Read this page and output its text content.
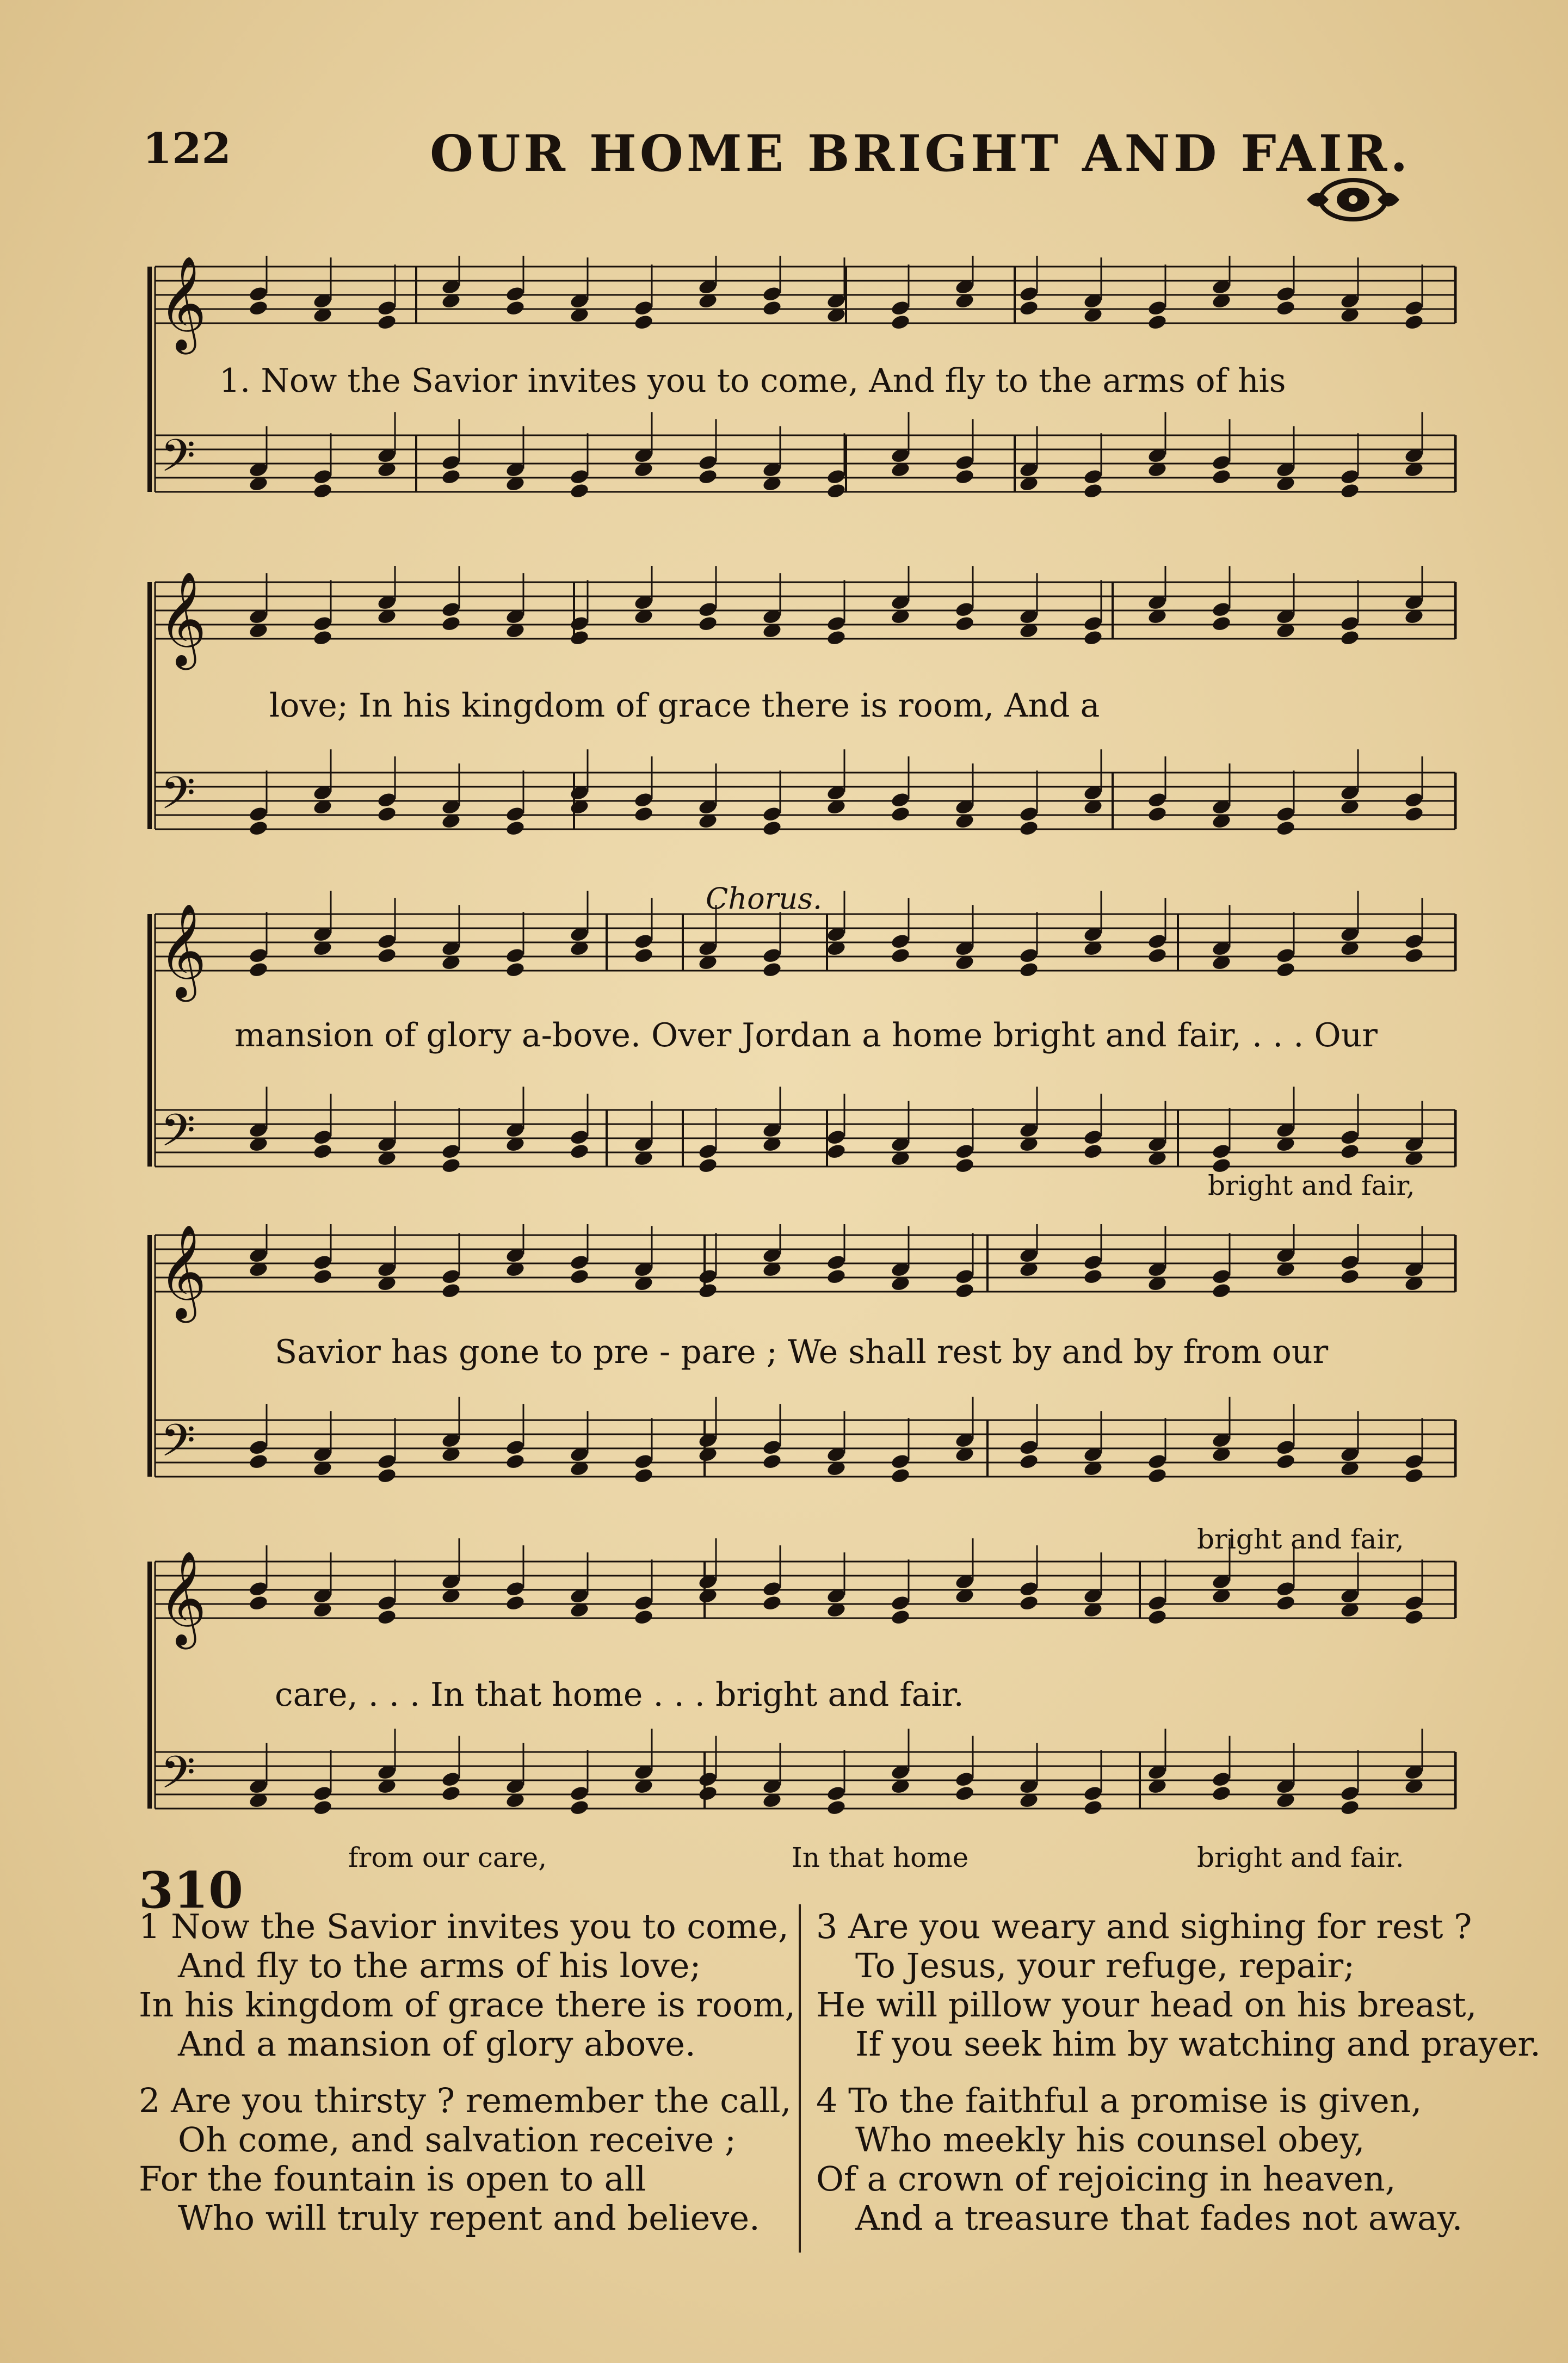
122	OUR HOME BRIGHT AND FAIR.
𝄞
𝄢
1. Now the Savior invites you to come, And fly to the arms of his
𝄞
𝄢
love; In his kingdom of grace there is room, And a
Chorus.
𝄞
𝄢
mansion of glory a-bove. Over Jordan a home bright and fair, . . . Our
bright and fair,
𝄞
𝄢
Savior has gone to pre - pare ; We shall rest by and by from our
bright and fair,
𝄞
𝄢
care, . . . In that home . . . bright and fair.
from our care,	In that home	bright and fair.
310
1 Now the Savior invites you to come,
And fly to the arms of his love;
In his kingdom of grace there is room,
And a mansion of glory above.
2 Are you thirsty ? remember the call,
Oh come, and salvation receive ;
For the fountain is open to all
Who will truly repent and believe.
3 Are you weary and sighing for rest ?
To Jesus, your refuge, repair;
He will pillow your head on his breast,
If you seek him by watching and prayer.
4 To the faithful a promise is given,
Who meekly his counsel obey,
Of a crown of rejoicing in heaven,
And a treasure that fades not away.
